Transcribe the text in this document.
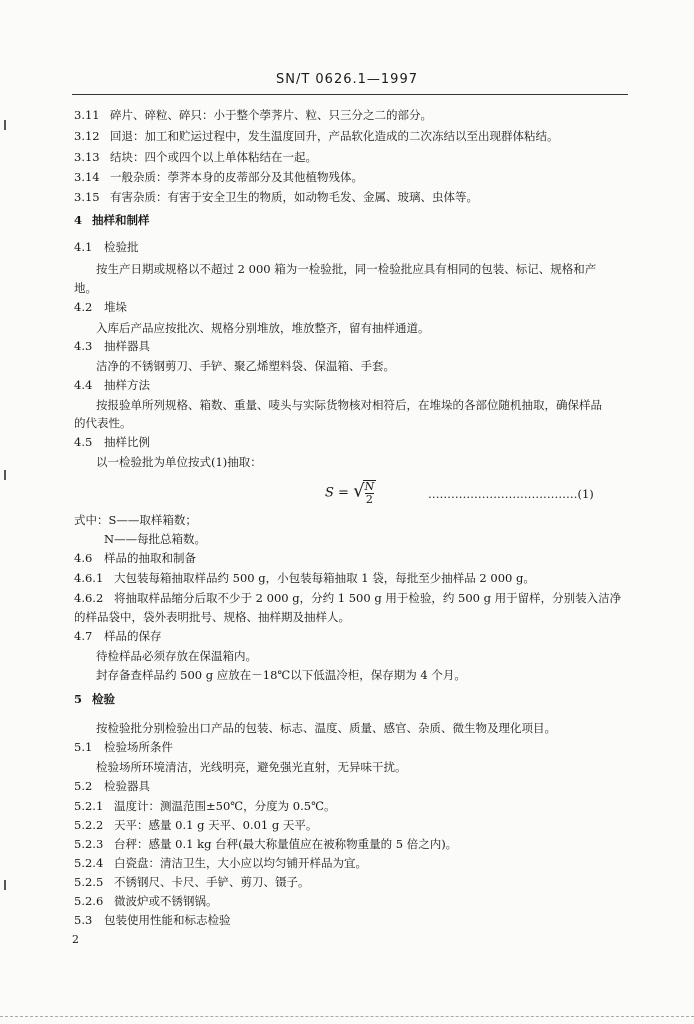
SN/T 0626.1—1997
3.11 碎片、碎粒、碎只：小于整个荸荠片、粒、只三分之二的部分。
3.12 回退：加工和贮运过程中，发生温度回升，产品软化造成的二次冻结以至出现群体粘结。
3.13 结块：四个或四个以上单体粘结在一起。
3.14 一般杂质：荸荠本身的皮蒂部分及其他植物残体。
3.15 有害杂质：有害于安全卫生的物质，如动物毛发、金属、玻璃、虫体等。
4 抽样和制样
4.1 检验批
按生产日期或规格以不超过 2 000 箱为一检验批，同一检验批应具有相同的包装、标记、规格和产
地。
4.2 堆垛
入库后产品应按批次、规格分别堆放，堆放整齐，留有抽样通道。
4.3 抽样器具
洁净的不锈钢剪刀、手铲、聚乙烯塑料袋、保温箱、手套。
4.4 抽样方法
按报验单所列规格、箱数、重量、唛头与实际货物核对相符后，在堆垛的各部位随机抽取，确保样品
的代表性。
4.5 抽样比例
以一检验批为单位按式(1)抽取：
S = √
$\frac{N}{2}$	…………………………………(1)
式中：S——取样箱数；
N——每批总箱数。
4.6 样品的抽取和制备
4.6.1 大包装每箱抽取样品约 500 g，小包装每箱抽取 1 袋，每批至少抽样品 2 000 g。
4.6.2 将抽取样品缩分后取不少于 2 000 g，分约 1 500 g 用于检验，约 500 g 用于留样，分别装入洁净
的样品袋中，袋外表明批号、规格、抽样期及抽样人。
4.7 样品的保存
待检样品必须存放在保温箱内。
封存备查样品约 500 g 应放在－18℃以下低温冷柜，保存期为 4 个月。
5 检验
按检验批分别检验出口产品的包装、标志、温度、质量、感官、杂质、微生物及理化项目。
5.1 检验场所条件
检验场所环境清洁，光线明亮，避免强光直射，无异味干扰。
5.2 检验器具
5.2.1 温度计：测温范围±50℃，分度为 0.5℃。
5.2.2 天平：感量 0.1 g 天平、0.01 g 天平。
5.2.3 台秤：感量 0.1 kg 台秤(最大称量值应在被称物重量的 5 倍之内)。
5.2.4 白瓷盘：清洁卫生，大小应以均匀铺开样品为宜。
5.2.5 不锈钢尺、卡尺、手铲、剪刀、镊子。
5.2.6 微波炉或不锈钢锅。
5.3 包装使用性能和标志检验
2
